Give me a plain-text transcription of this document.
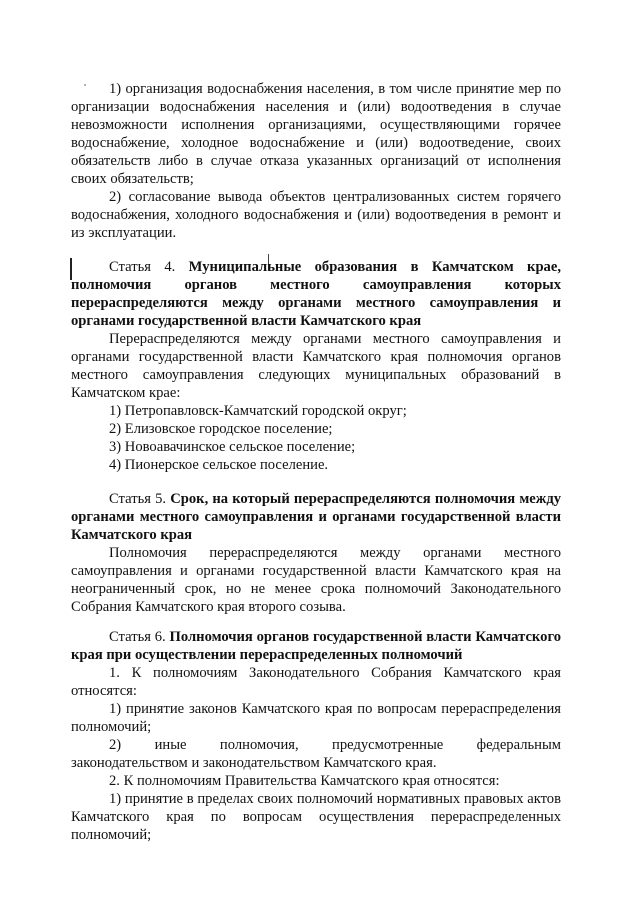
1) организация водоснабжения населения, в том числе принятие мер по организации водоснабжения населения и (или) водоотведения в случае невозможности исполнения организациями, осуществляющими горячее водоснабжение, холодное водоснабжение и (или) водоотведение, своих обязательств либо в случае отказа указанных организаций от исполнения своих обязательств;

2) согласование вывода объектов централизованных систем горячего водоснабжения, холодного водоснабжения и (или) водоотведения в ремонт и из эксплуатации.

Статья 4. Муниципальные образования в Камчатском крае, полномочия органов местного самоуправления которых перераспределяются между органами местного самоуправления и органами государственной власти Камчатского края

Перераспределяются между органами местного самоуправления и органами государственной власти Камчатского края полномочия органов местного самоуправления следующих муниципальных образований в Камчатском крае:

1) Петропавловск-Камчатский городской округ;

2) Елизовское городское поселение;

3) Новоавачинское сельское поселение;

4) Пионерское сельское поселение.

Статья 5. Срок, на который перераспределяются полномочия между органами местного самоуправления и органами государственной власти Камчатского края

Полномочия перераспределяются между органами местного самоуправления и органами государственной власти Камчатского края на неограниченный срок, но не менее срока полномочий Законодательного Собрания Камчатского края второго созыва.

Статья 6. Полномочия органов государственной власти Камчатского края при осуществлении перераспределенных полномочий

1. К полномочиям Законодательного Собрания Камчатского края относятся:

1) принятие законов Камчатского края по вопросам перераспределения полномочий;

2) иные полномочия, предусмотренные федеральным законодательством и законодательством Камчатского края.

2. К полномочиям Правительства Камчатского края относятся:

1) принятие в пределах своих полномочий нормативных правовых актов Камчатского края по вопросам осуществления перераспределенных полномочий;
